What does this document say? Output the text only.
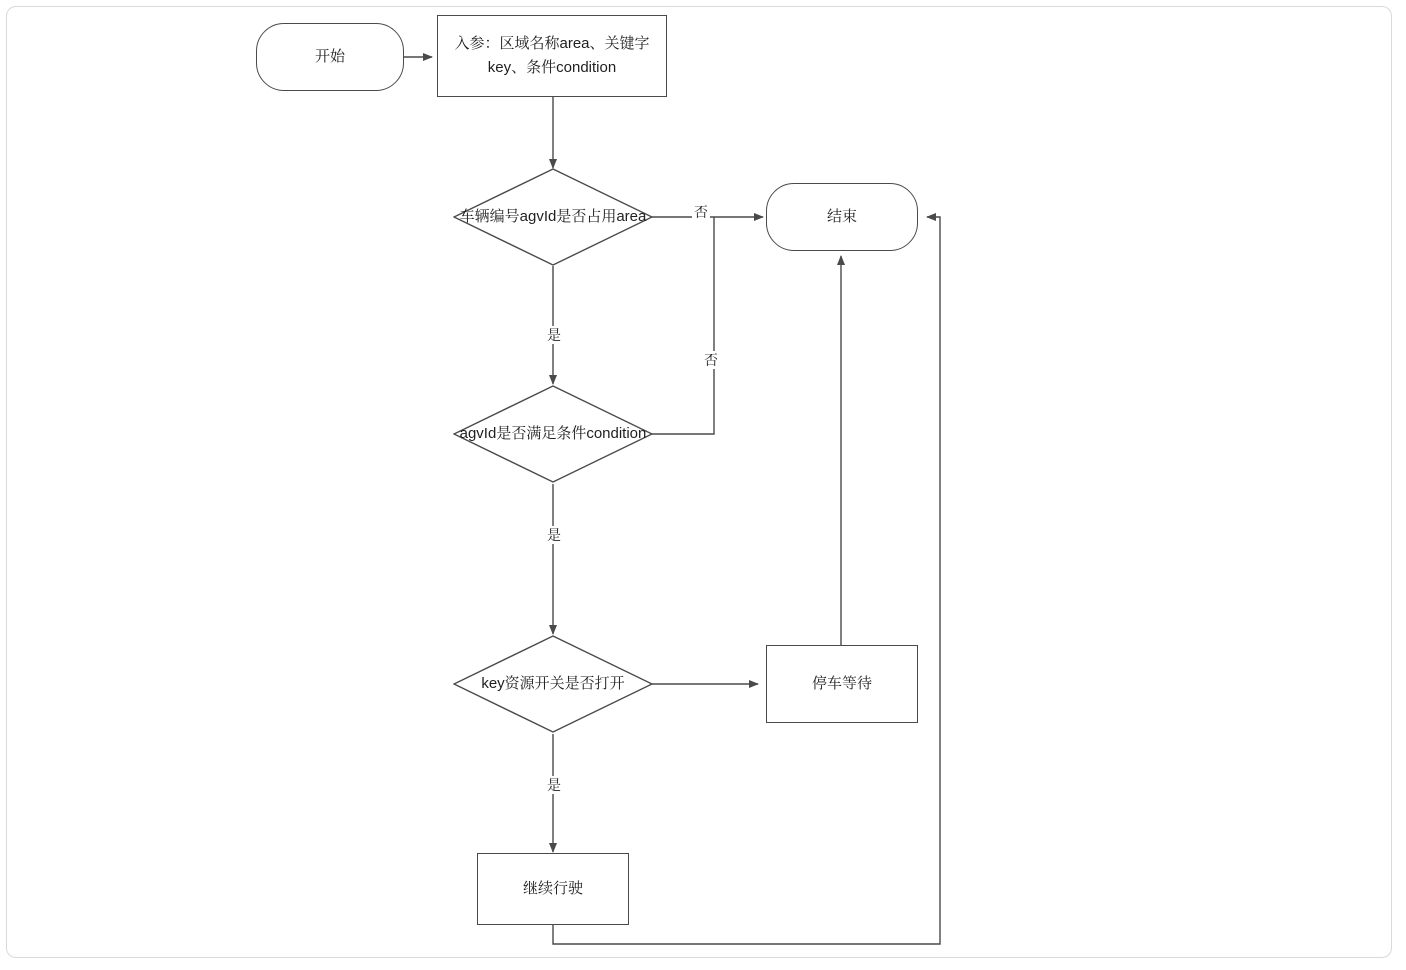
开始
入参：区域名称area、关键字key、条件condition
车辆编号agvId是否占用area
agvId是否满足条件condition
key资源开关是否打开	停车等待
继续行驶
结束
否
是
否
是
是
